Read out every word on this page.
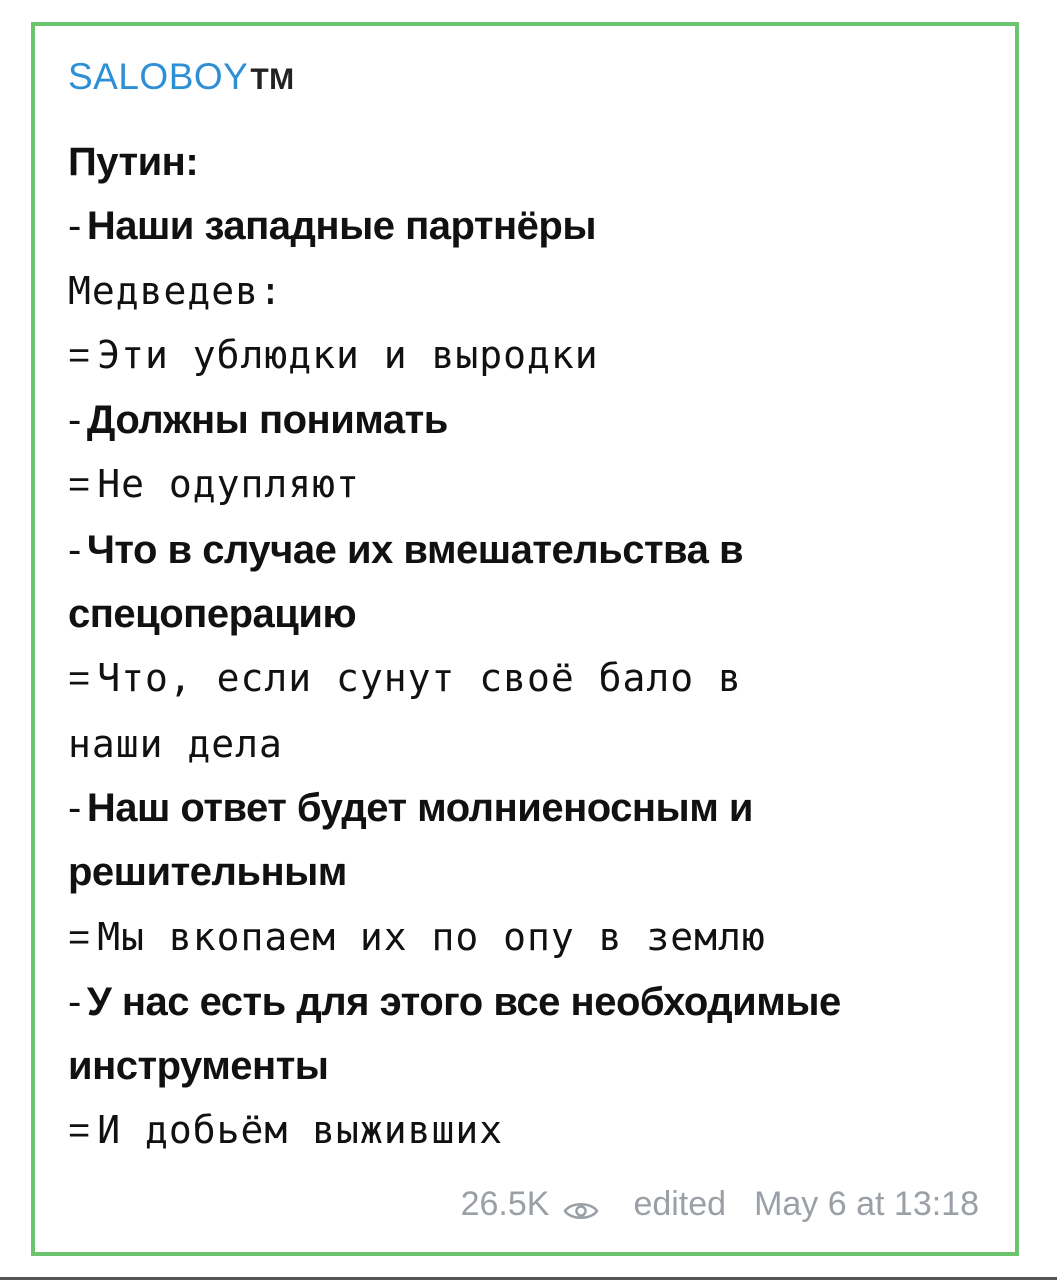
SALOBOYTM
Путин:
- Наши западные партнёры
Медведев:
= Эти ублюдки и выродки
- Должны понимать
= Не одупляют
- Что в случае их вмешательства в
спецоперацию
= Что, если сунут своё бало в
наши дела
- Наш ответ будет молниеносным и
решительным
= Мы вкопаем их по опу в землю
- У нас есть для этого все необходимые
инструменты
= И добьём выживших
26.5K edited May 6 at 13:18
